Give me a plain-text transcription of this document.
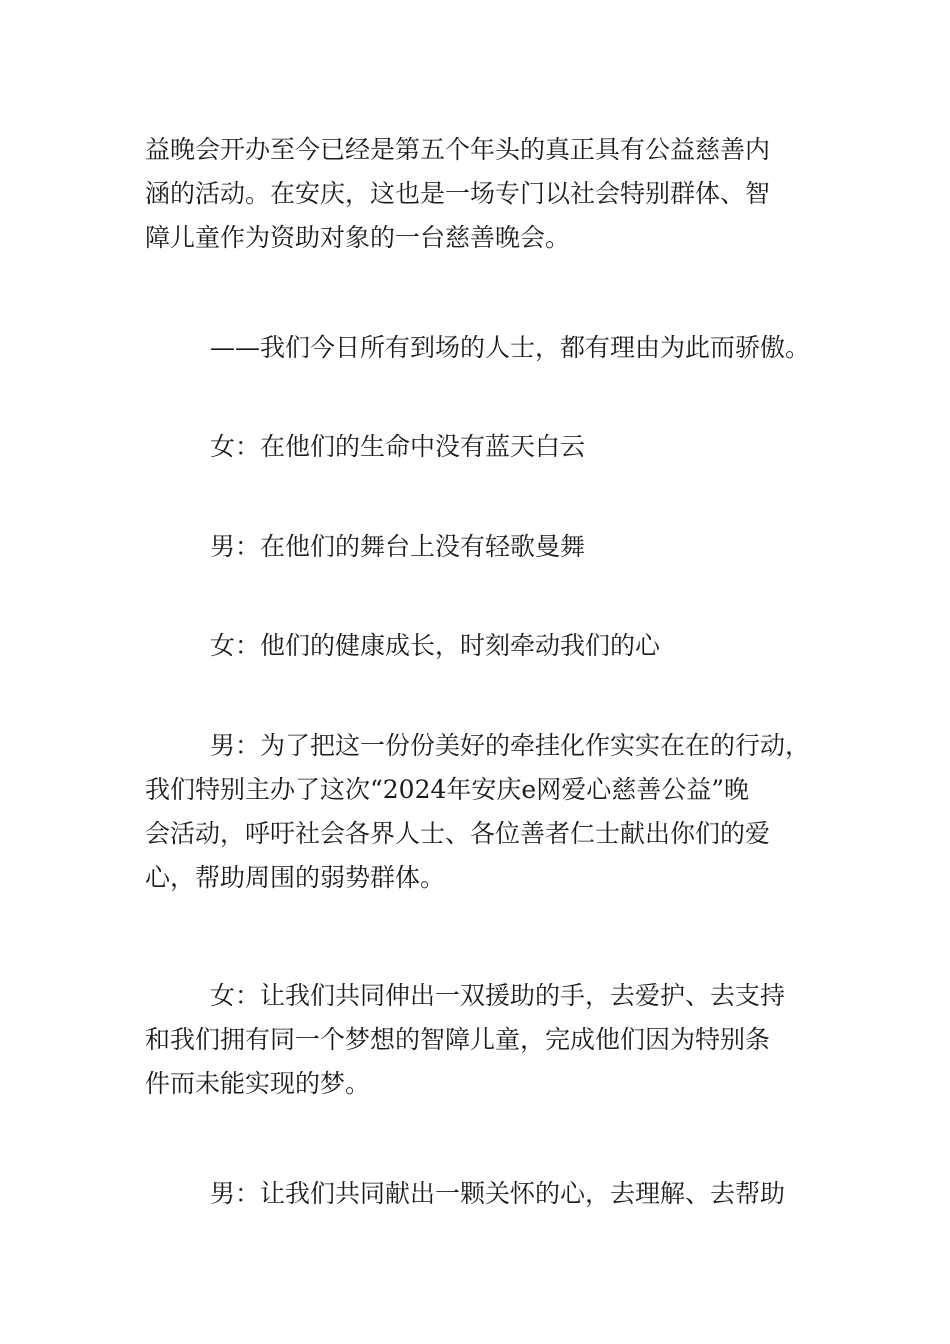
益晚会开办至今已经是第五个年头的真正具有公益慈善内
涵的活动。在安庆，这也是一场专门以社会特别群体、智
障儿童作为资助对象的一台慈善晚会。
——我们今日所有到场的人士，都有理由为此而骄傲。
女：在他们的生命中没有蓝天白云
男：在他们的舞台上没有轻歌曼舞
女：他们的健康成长，时刻牵动我们的心
男：为了把这一份份美好的牵挂化作实实在在的行动，
我们特别主办了这次“2024年安庆e网爱心慈善公益”晚
会活动，呼吁社会各界人士、各位善者仁士献出你们的爱
心，帮助周围的弱势群体。
女：让我们共同伸出一双援助的手，去爱护、去支持
和我们拥有同一个梦想的智障儿童，完成他们因为特别条
件而未能实现的梦。
男：让我们共同献出一颗关怀的心，去理解、去帮助
